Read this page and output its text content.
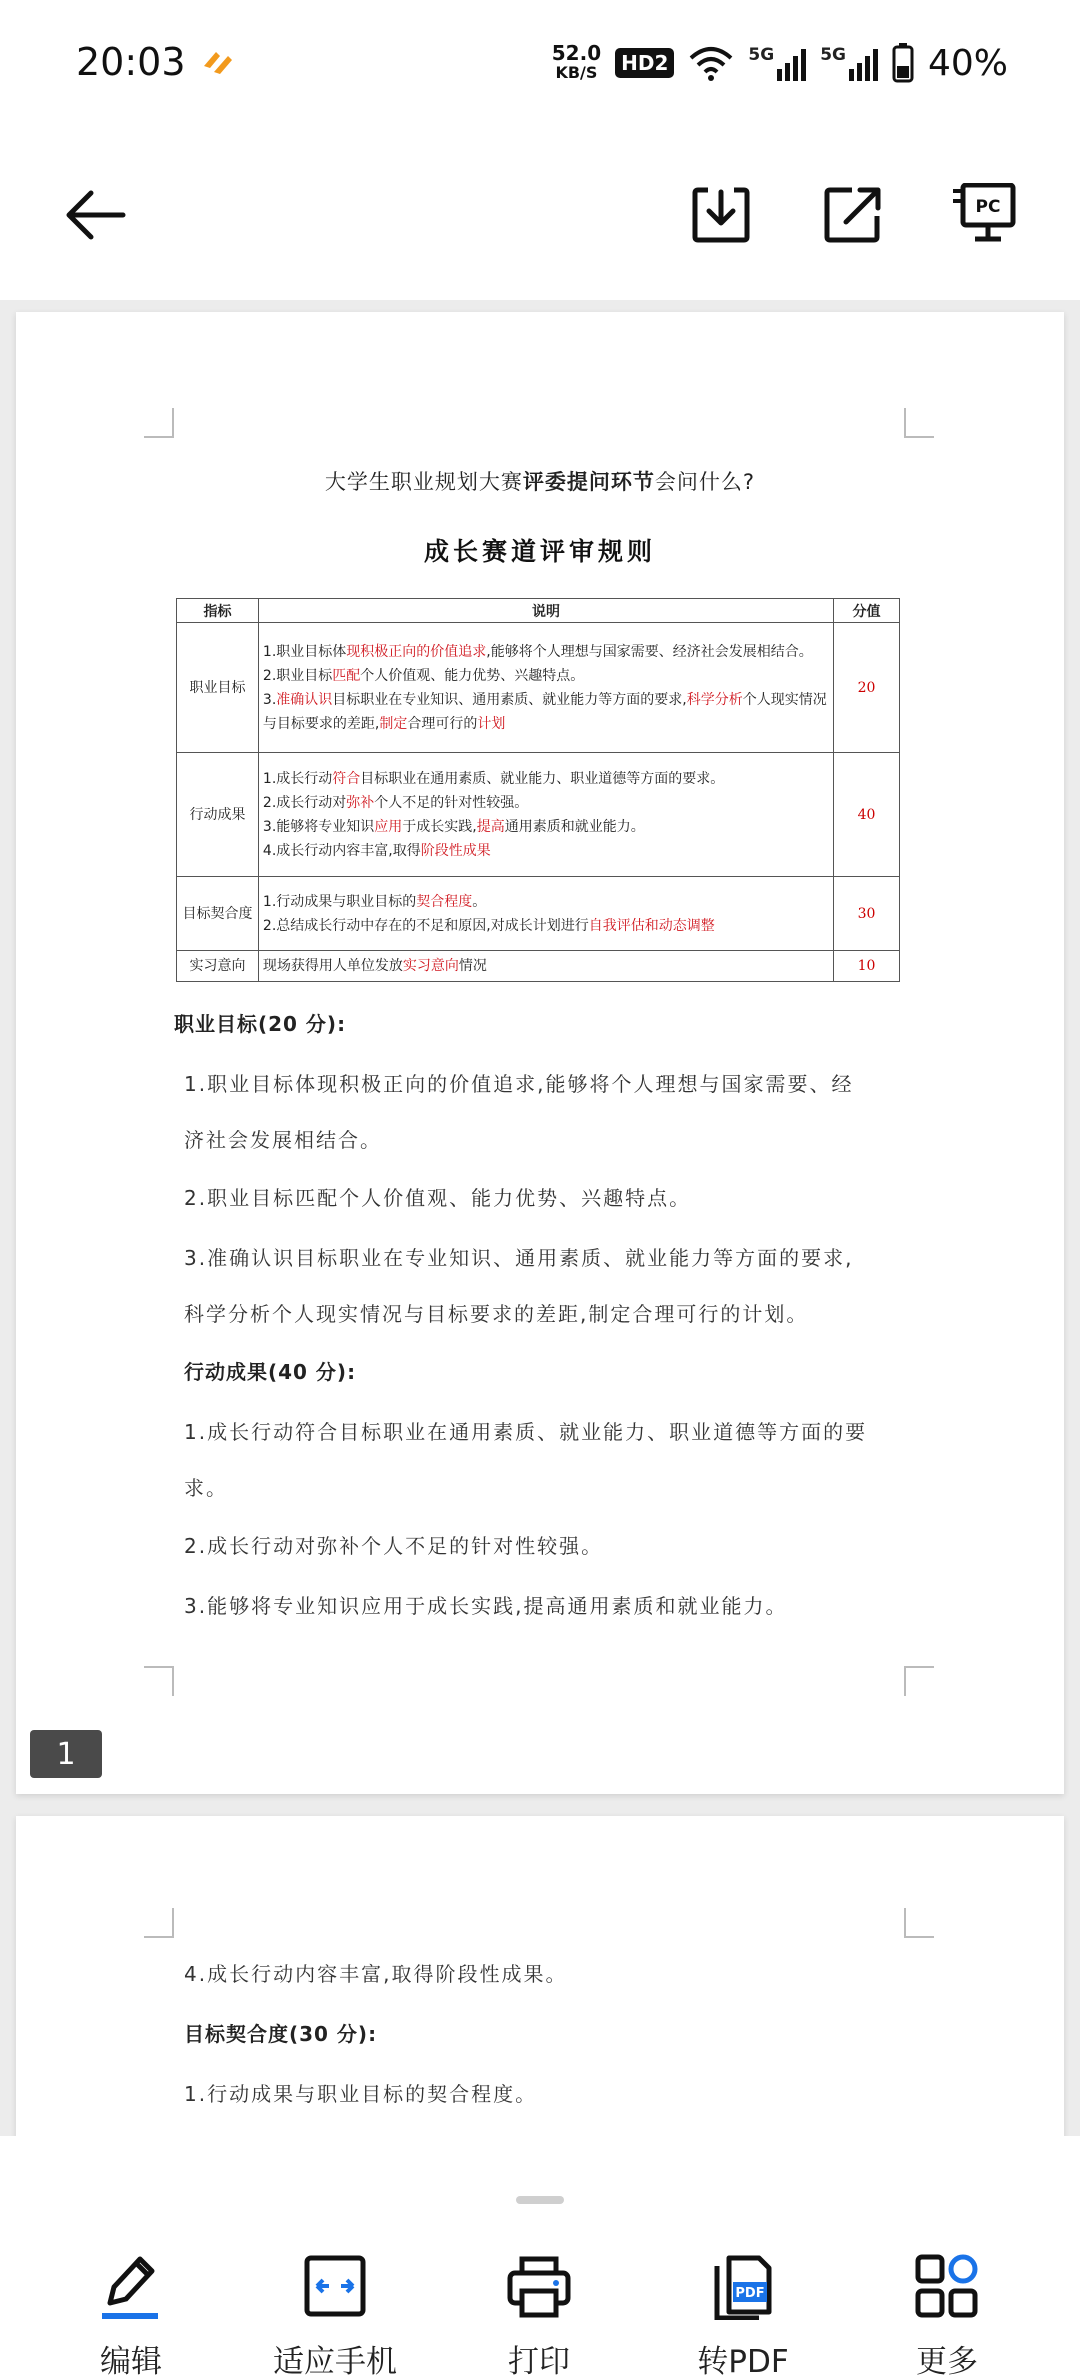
20:03	52.0
KB/S	HD2	5G	5G 40%
PC
大学生职业规划大赛评委提问环节会问什么?
成长赛道评审规则
指标	说明	分值
职业目标	1.职业目标体现积极正向的价值追求,能够将个人理想与国家需要、经济社会发展相结合。
2.职业目标匹配个人价值观、能力优势、兴趣特点。
3.准确认识目标职业在专业知识、通用素质、就业能力等方面的要求,科学分析个人现实情况与目标要求的差距,制定合理可行的计划	20
行动成果	1.成长行动符合目标职业在通用素质、就业能力、职业道德等方面的要求。
2.成长行动对弥补个人不足的针对性较强。
3.能够将专业知识应用于成长实践,提高通用素质和就业能力。
4.成长行动内容丰富,取得阶段性成果	40
目标契合度	1.行动成果与职业目标的契合程度。
2.总结成长行动中存在的不足和原因,对成长计划进行自我评估和动态调整	30
实习意向	现场获得用人单位发放实习意向情况	10
职业目标(20 分):
1.职业目标体现积极正向的价值追求,能够将个人理想与国家需要、经
济社会发展相结合。
2.职业目标匹配个人价值观、能力优势、兴趣特点。
3.准确认识目标职业在专业知识、通用素质、就业能力等方面的要求,
科学分析个人现实情况与目标要求的差距,制定合理可行的计划。
行动成果(40 分):
1.成长行动符合目标职业在通用素质、就业能力、职业道德等方面的要
求。
2.成长行动对弥补个人不足的针对性较强。
3.能够将专业知识应用于成长实践,提高通用素质和就业能力。
1
4.成长行动内容丰富,取得阶段性成果。
目标契合度(30 分):
1.行动成果与职业目标的契合程度。
编辑	适应手机	打印
PDF
转PDF	更多
